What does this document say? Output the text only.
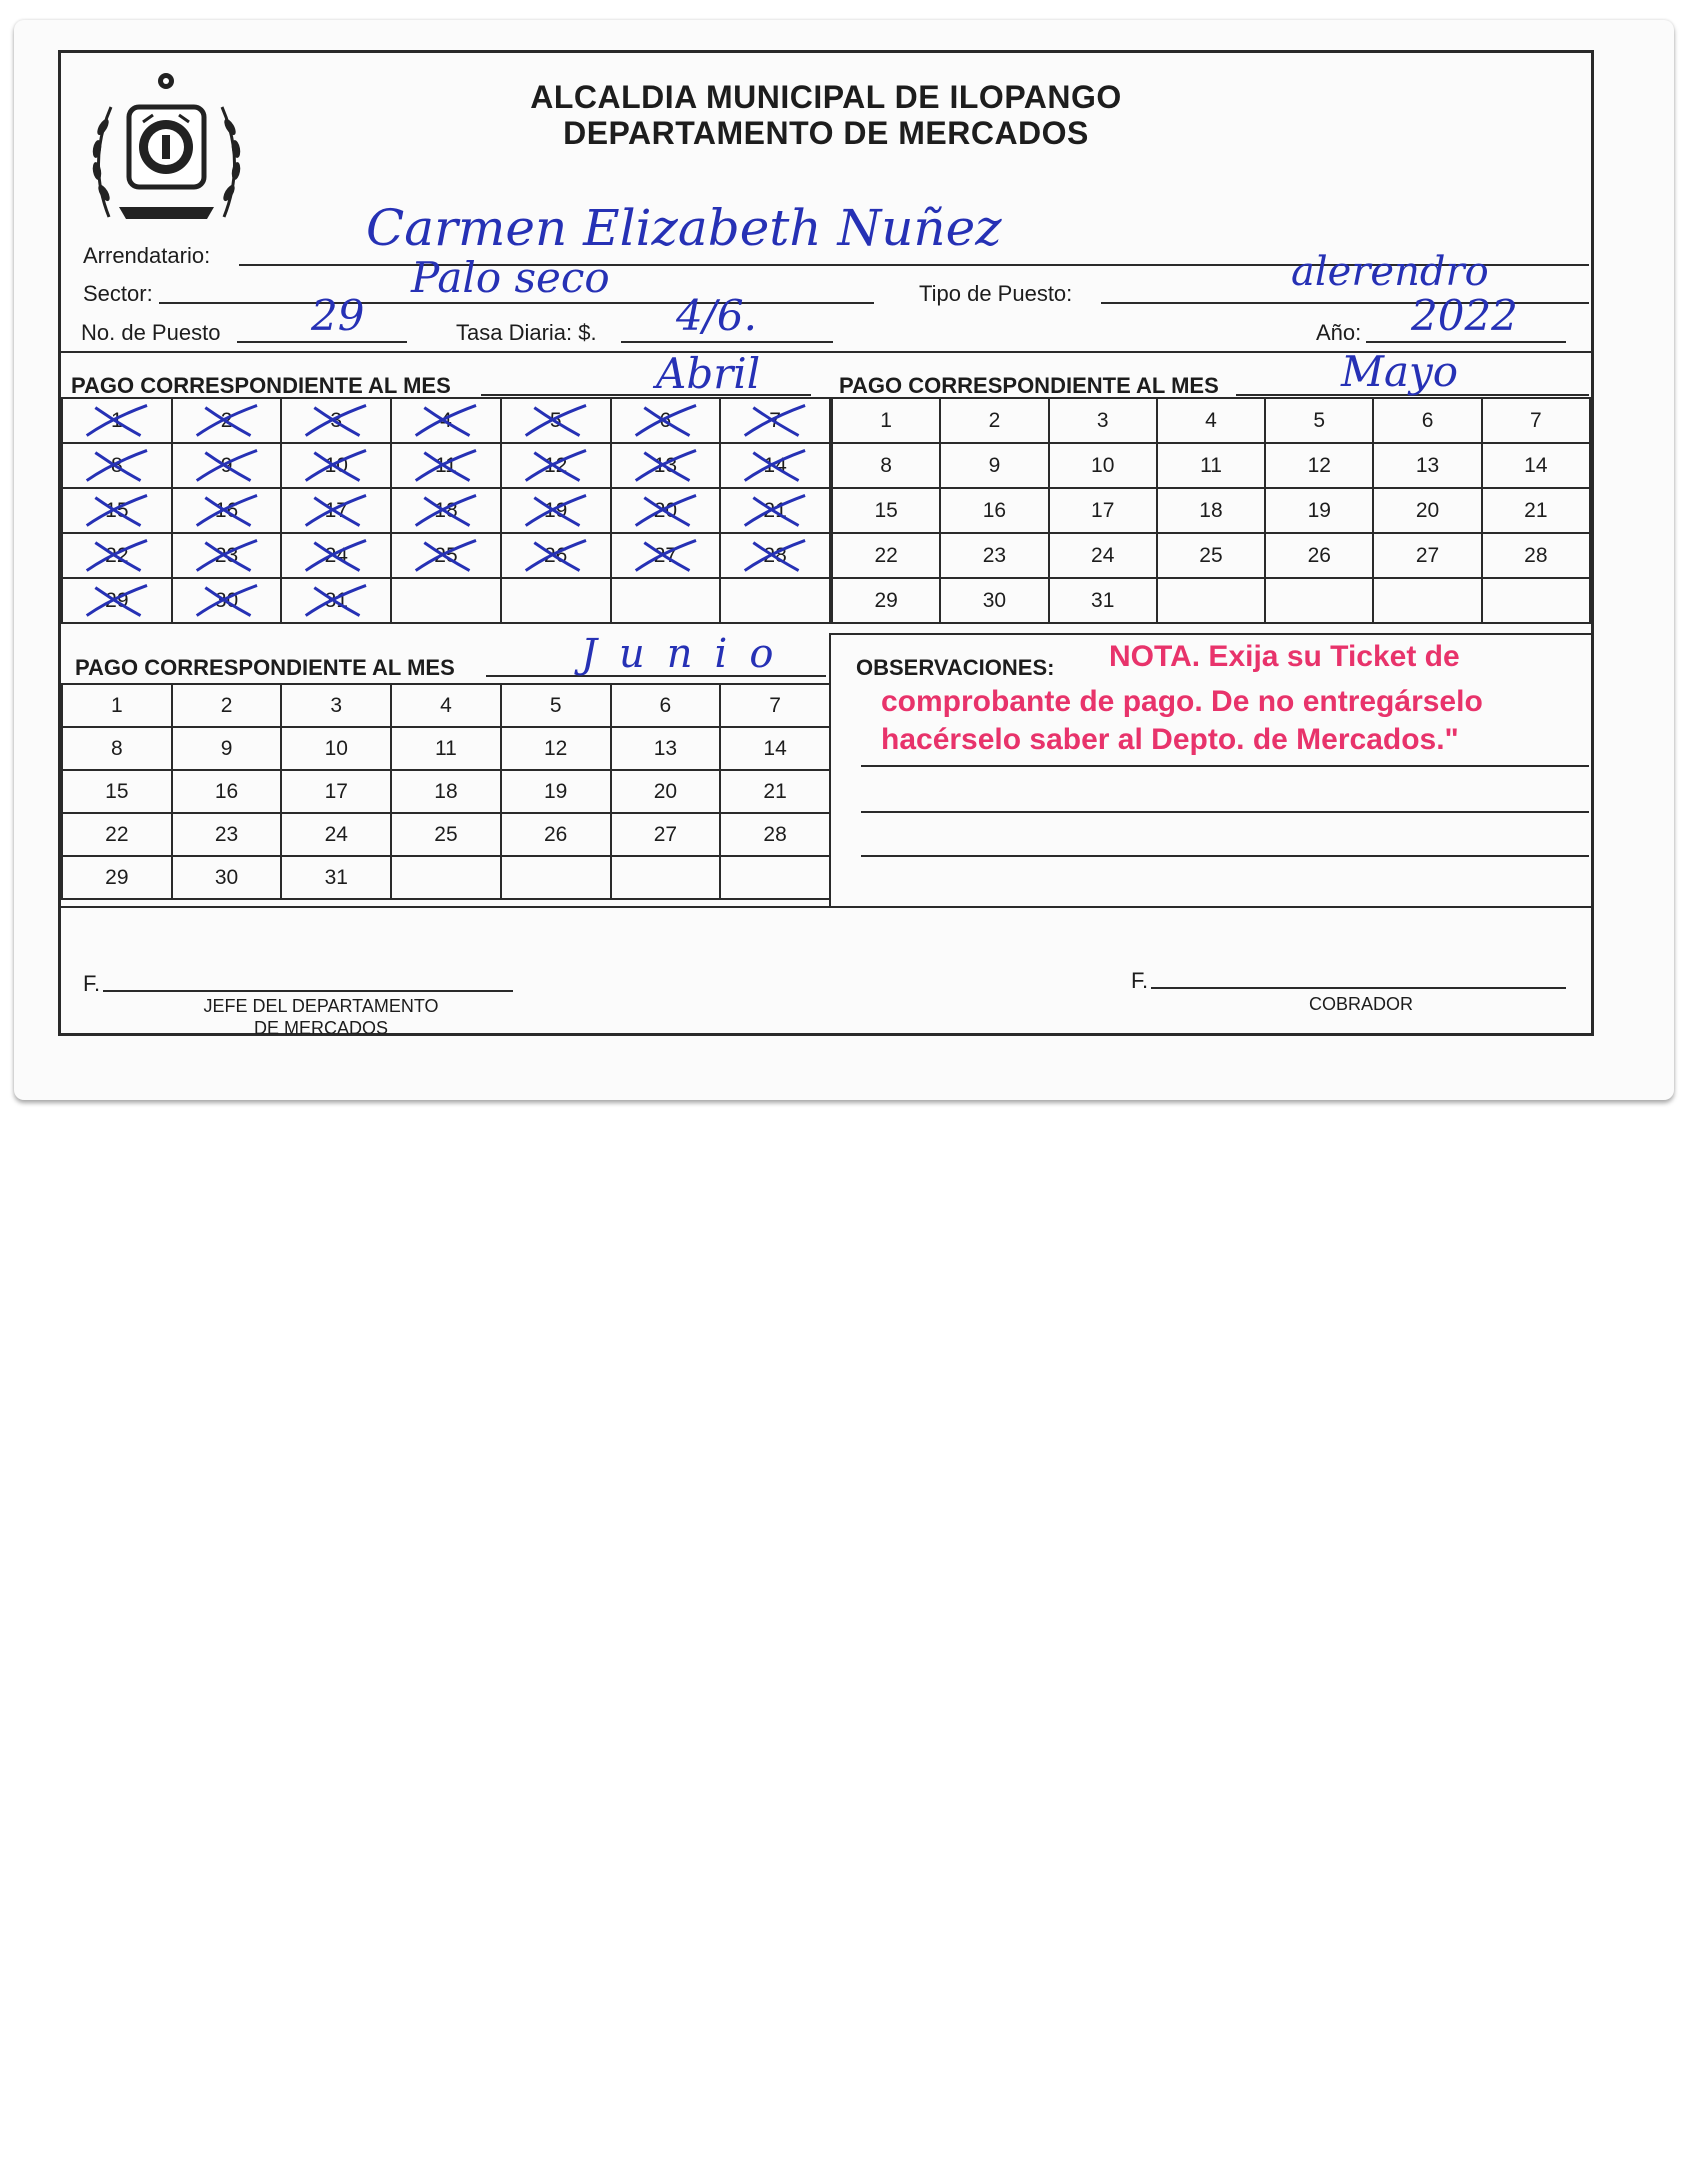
ALCALDIA MUNICIPAL DE ILOPANGO
DEPARTAMENTO DE MERCADOS
Arrendatario:	Carmen Elizabeth Nuñez
Sector:	Palo seco	Tipo de Puesto:	alerendro
No. de Puesto 29	Tasa Diaria: $. 4/6.	Año: 2022
PAGO CORRESPONDIENTE AL MES	Abril	PAGO CORRESPONDIENTE AL MES	Mayo
1	2	3	4	5	6	7

8	9	10	11	12	13	14

15	16	17	18	19	20	21

22	23	24	25	26	27	28

29	30	31

1	2	3	4	5	6	7
8	9	10	11	12	13	14
15	16	17	18	19	20	21
22	23	24	25	26	27	28
29	30	31				
PAGO CORRESPONDIENTE AL MES	Junio
1	2	3	4	5	6	7
8	9	10	11	12	13	14
15	16	17	18	19	20	21
22	23	24	25	26	27	28
29	30	31				
OBSERVACIONES: NOTA. Exija su Ticket de
comprobante de pago. De no entregárselo
hacérselo saber al Depto. de Mercados."
F.
JEFE DEL DEPARTAMENTO
DE MERCADOS
F.
COBRADOR
